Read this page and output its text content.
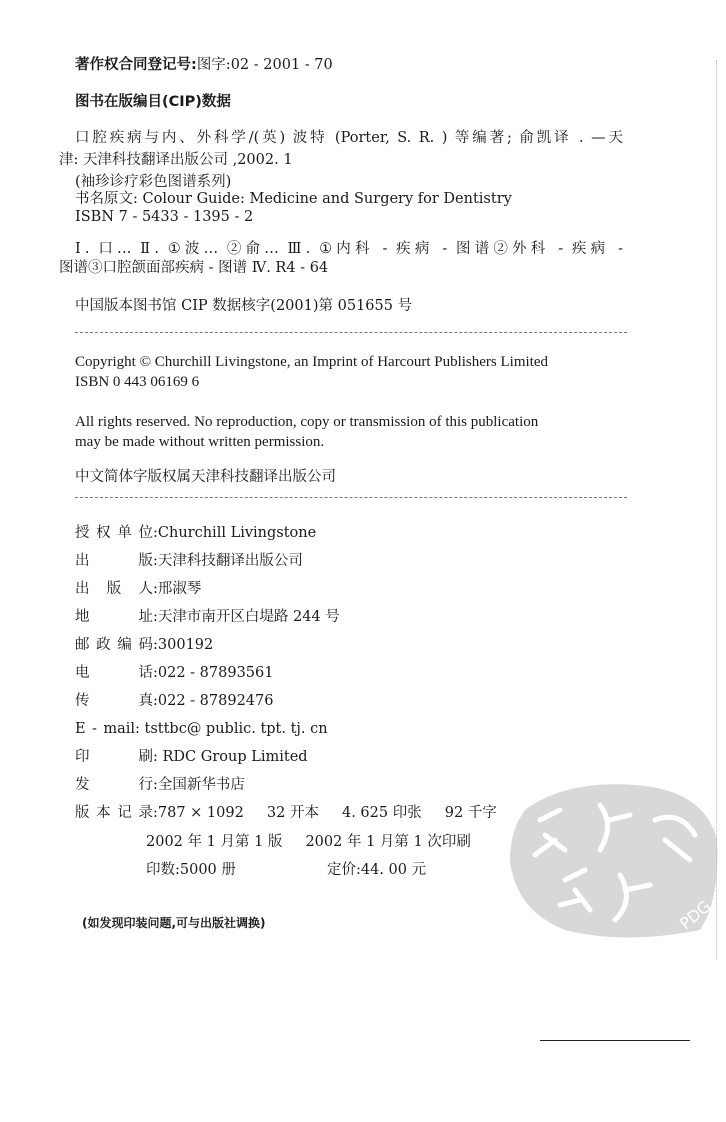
著作权合同登记号:图字:02 - 2001 - 70
图书在版编目(CIP)数据
口腔疾病与内、外科学/(英) 波特 (Porter, S. R. ) 等编著; 俞凯译 . —天
津: 天津科技翻译出版公司 ,2002. 1
(袖珍诊疗彩色图谱系列)
书名原文: Colour Guide: Medicine and Surgery for Dentistry
ISBN 7 - 5433 - 1395 - 2
Ⅰ. 口… Ⅱ. ①波… ②俞… Ⅲ. ①内科 - 疾病 - 图谱②外科 - 疾病 -
图谱③口腔颌面部疾病 - 图谱 Ⅳ. R4 - 64
中国版本图书馆 CIP 数据核字(2001)第 051655 号
Copyright © Churchill Livingstone, an Imprint of Harcourt Publishers Limited
ISBN 0 443 06169 6
All rights reserved. No reproduction, copy or transmission of this publication
may be made without written permission.
中文简体字版权属天津科技翻译出版公司
授权单位:Churchill Livingstone
出版:天津科技翻译出版公司
出版人:邢淑琴
地址:天津市南开区白堤路 244 号
邮政编码:300192
电话:022 - 87893561
传真:022 - 87892476
E - mail: tsttbc@ public. tpt. tj. cn
印刷: RDC Group Limited
发行:全国新华书店
版本记录:787 × 1092     32 开本     4. 625 印张     92 千字
2002 年 1 月第 1 版     2002 年 1 月第 1 次印刷
印数:5000 册	定价:44. 00 元
(如发现印装问题,可与出版社调换)	PDG
